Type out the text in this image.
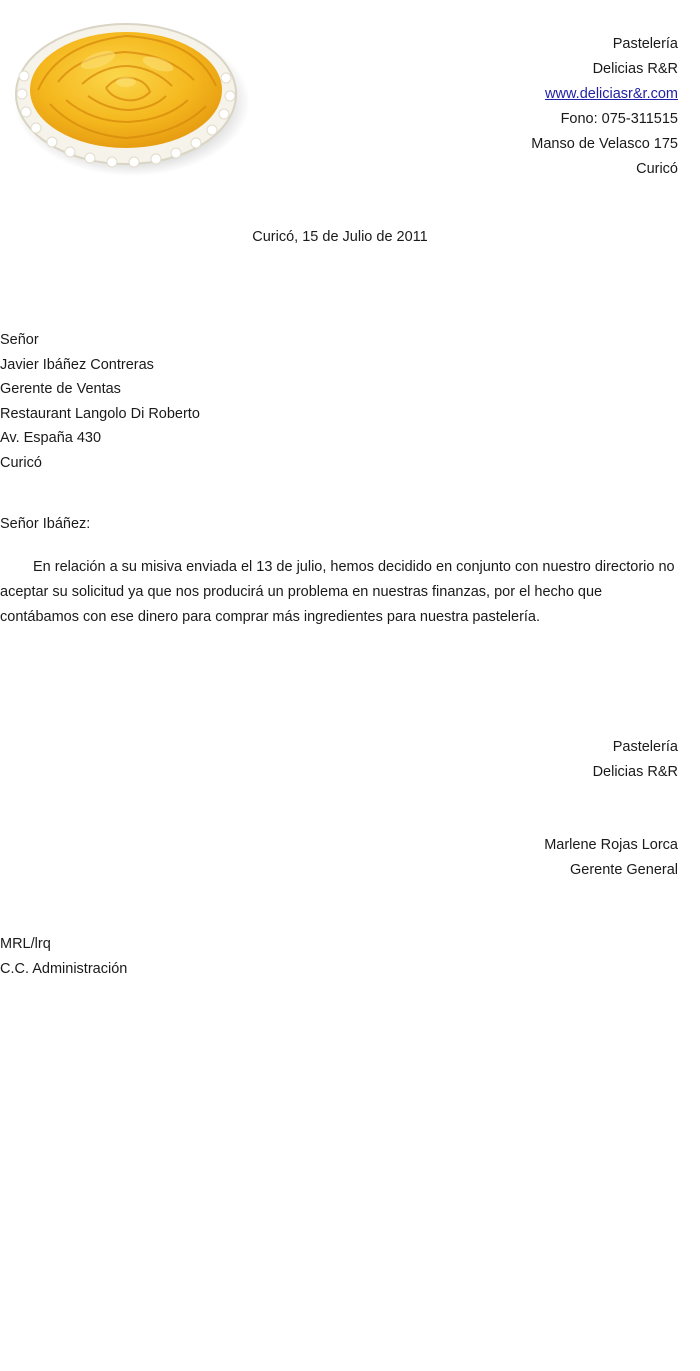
Pastelería
Delicias R&R
www.deliciasr&r.com
Fono: 075-311515
Manso de Velasco 175
Curicó
Curicó, 15 de Julio de 2011
Señor
Javier Ibáñez Contreras
Gerente de Ventas
Restaurant Langolo Di Roberto
Av. España 430
Curicó
Señor Ibáñez:

En relación a su misiva enviada el 13 de julio, hemos decidido en conjunto con nuestro directorio no aceptar su solicitud ya que nos producirá un problema en nuestras finanzas, por el hecho que contábamos con ese dinero para comprar más ingredientes para nuestra pastelería.

Pastelería
Delicias R&R
Marlene Rojas Lorca
Gerente General
MRL/lrq
C.C. Administración
